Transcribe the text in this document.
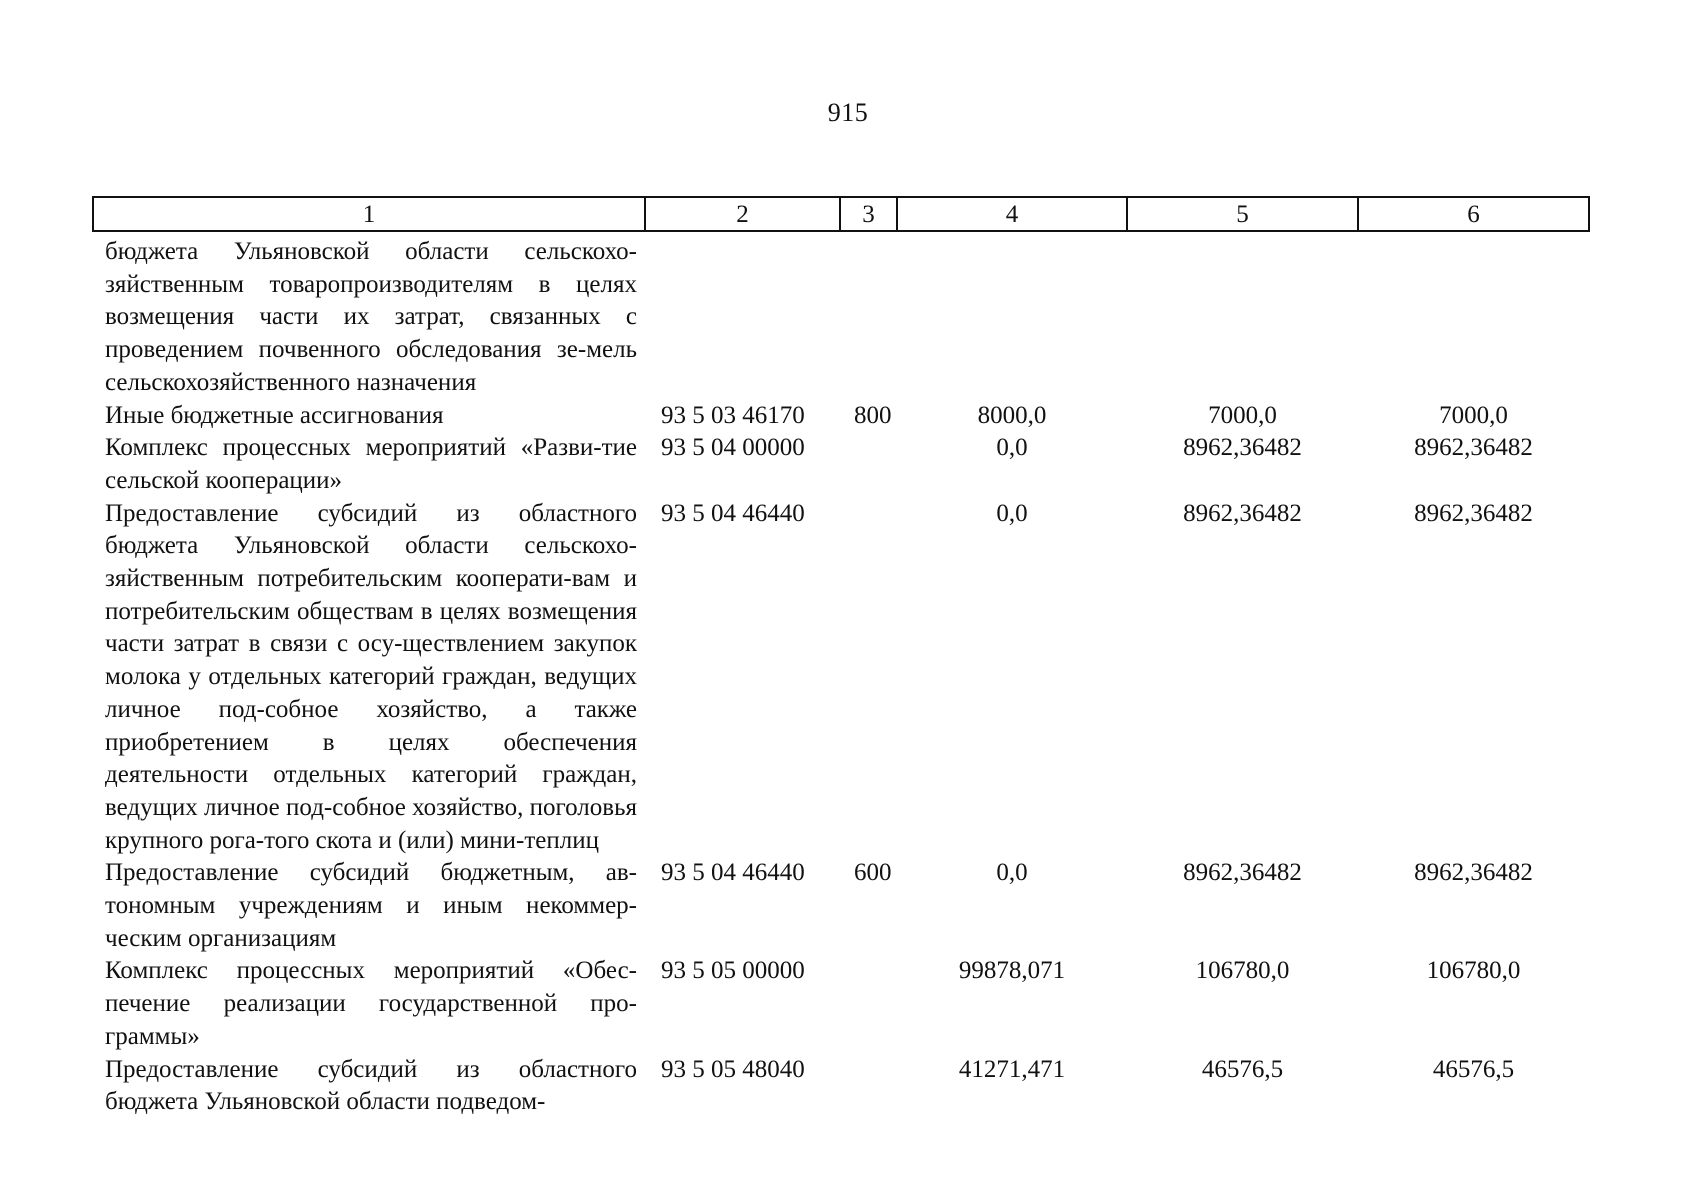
915
1	2	3	4	5	6
бюджета Ульяновской области сельскохо-зяйственным товаропроизводителям в целях возмещения части их затрат, связанных с проведением почвенного обследования зе-мель сельскохозяйственного назначения					
Иные бюджетные ассигнования	93 5 03 46170	800	8000,0	7000,0	7000,0
Комплекс процессных мероприятий «Разви-тие сельской кооперации»	93 5 04 00000		0,0	8962,36482	8962,36482
Предоставление субсидий из областного бюджета Ульяновской области сельскохо-зяйственным потребительским кооперати-вам и потребительским обществам в целях возмещения части затрат в связи с осу-ществлением закупок молока у отдельных категорий граждан, ведущих личное под-собное хозяйство, а также приобретением в целях обеспечения деятельности отдельных категорий граждан, ведущих личное под-собное хозяйство, поголовья крупного рога-того скота и (или) мини-теплиц	93 5 04 46440		0,0	8962,36482	8962,36482
Предоставление субсидий бюджетным, ав-тономным учреждениям и иным некоммер-ческим организациям	93 5 04 46440	600	0,0	8962,36482	8962,36482
Комплекс процессных мероприятий «Обес-печение реализации государственной про-граммы»	93 5 05 00000		99878,071	106780,0	106780,0
Предоставление субсидий из областного бюджета Ульяновской области подведом-	93 5 05 48040		41271,471	46576,5	46576,5
